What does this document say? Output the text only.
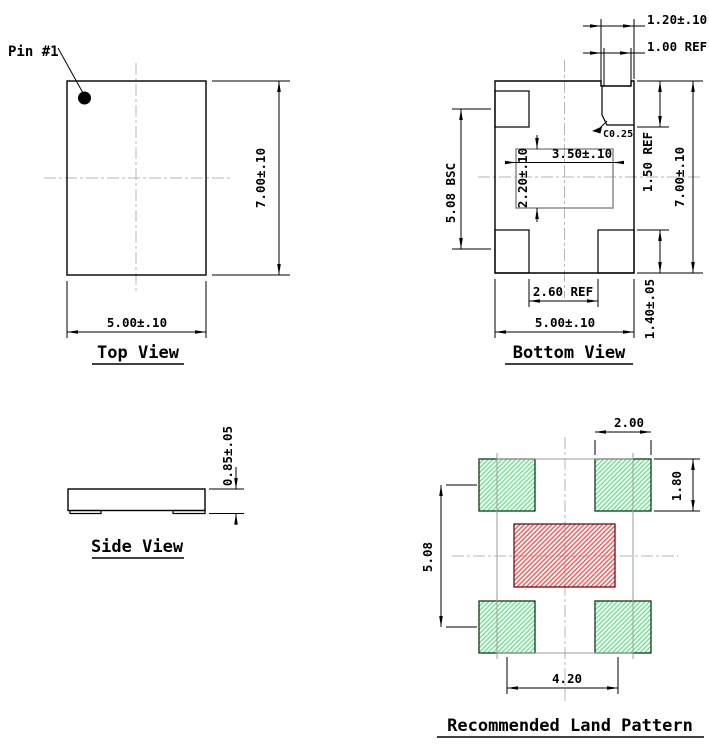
Pin #1
7.00±.10
5.00±.10
Top View
1.20±.10
1.00 REF
C0.25
3.50±.10
2.20±.10
5.08 BSC
1.50 REF
1.40±.05
7.00±.10
2.60 REF
5.00±.10
Bottom View
0.85±.05
Side View
2.00
1.80
5.08
4.20
Recommended Land Pattern
